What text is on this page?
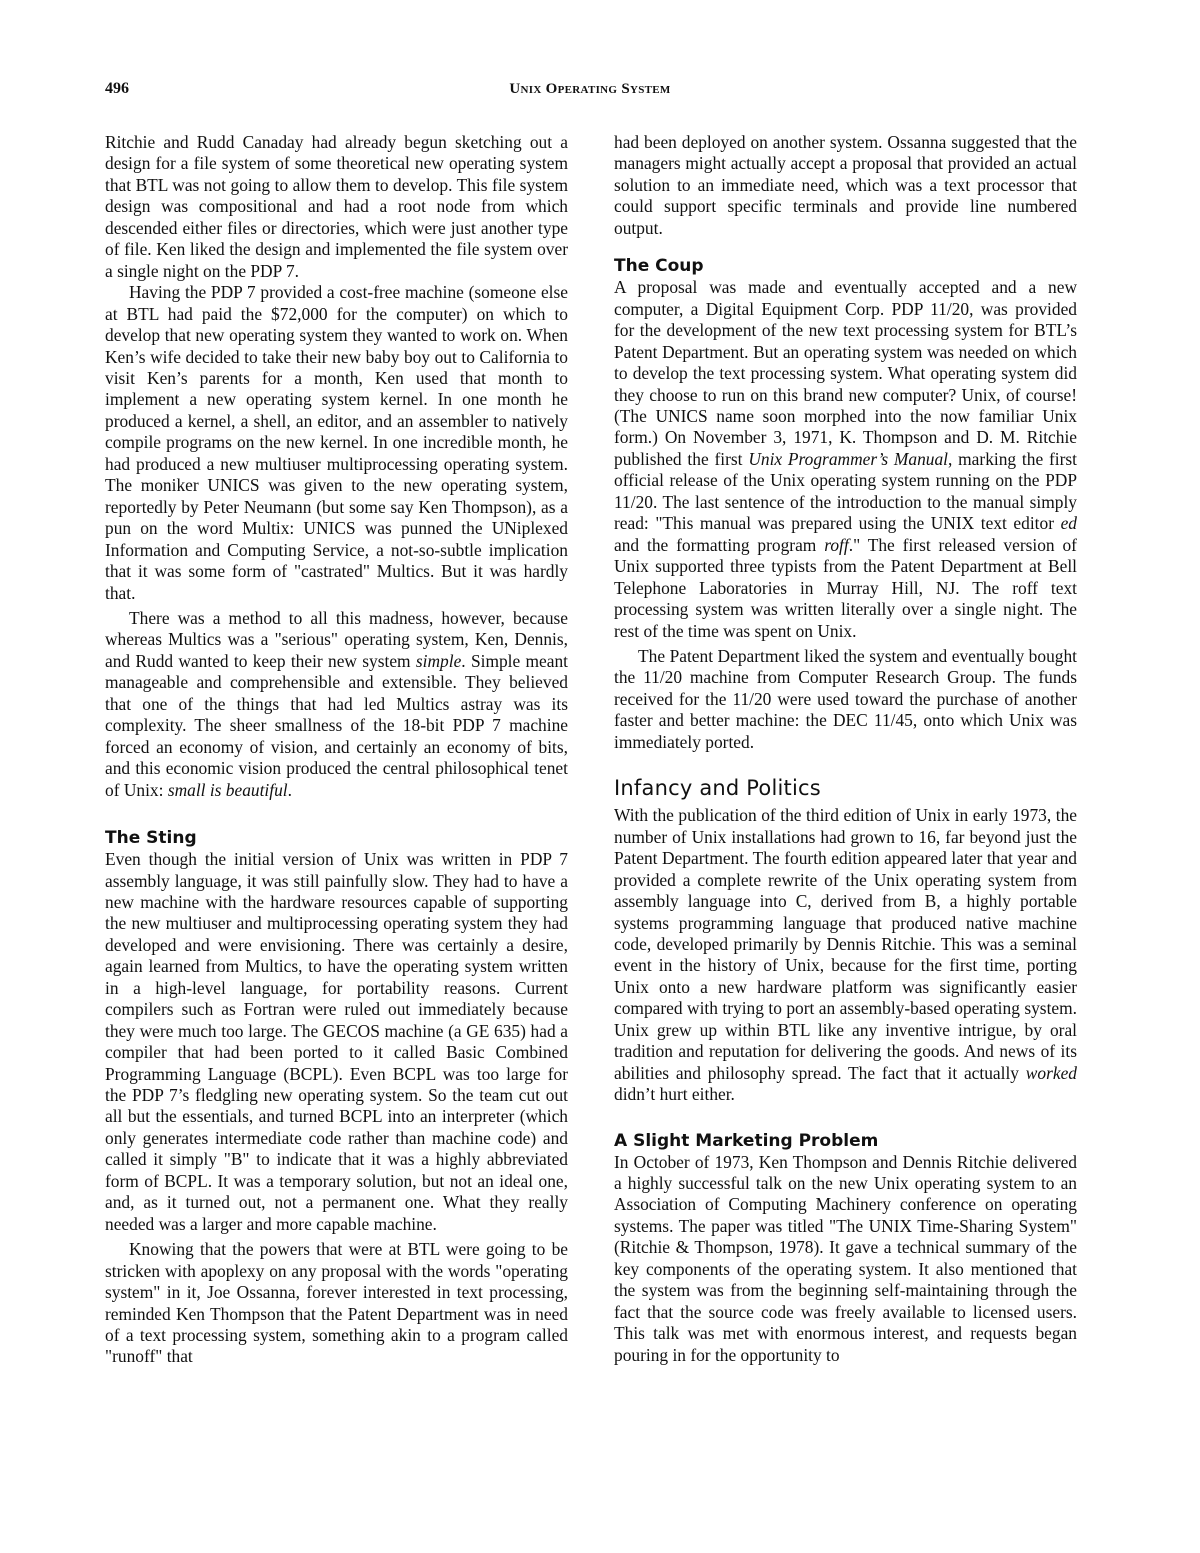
496	Unix Operating System

Ritchie and Rudd Canaday had already begun sketching out a design for a file system of some theoretical new operating system that BTL was not going to allow them to develop. This file system design was compositional and had a root node from which descended either files or directories, which were just another type of file. Ken liked the design and implemented the file system over a single night on the PDP 7.

Having the PDP 7 provided a cost-free machine (someone else at BTL had paid the $72,000 for the computer) on which to develop that new operating system they wanted to work on. When Ken’s wife decided to take their new baby boy out to California to visit Ken’s parents for a month, Ken used that month to implement a new operating system kernel. In one month he produced a kernel, a shell, an editor, and an assembler to natively compile programs on the new kernel. In one incredible month, he had produced a new multiuser multiprocessing operating system. The moniker UNICS was given to the new operating system, reportedly by Peter Neumann (but some say Ken Thompson), as a pun on the word Multix: UNICS was punned the UNiplexed Information and Computing Service, a not-so-subtle implication that it was some form of "castrated" Multics. But it was hardly that.

There was a method to all this madness, however, because whereas Multics was a "serious" operating system, Ken, Dennis, and Rudd wanted to keep their new system simple. Simple meant manageable and comprehensible and extensible. They believed that one of the things that had led Multics astray was its complexity. The sheer smallness of the 18-bit PDP 7 machine forced an economy of vision, and certainly an economy of bits, and this economic vision produced the central philosophical tenet of Unix: small is beautiful.

The Sting

Even though the initial version of Unix was written in PDP 7 assembly language, it was still painfully slow. They had to have a new machine with the hardware resources capable of supporting the new multiuser and multiprocessing operating system they had developed and were envisioning. There was certainly a desire, again learned from Multics, to have the operating system written in a high-level language, for portability reasons. Current compilers such as Fortran were ruled out immediately because they were much too large. The GECOS machine (a GE 635) had a compiler that had been ported to it called Basic Combined Programming Language (BCPL). Even BCPL was too large for the PDP 7’s fledgling new operating system. So the team cut out all but the essentials, and turned BCPL into an interpreter (which only generates intermediate code rather than machine code) and called it simply "B" to indicate that it was a highly abbreviated form of BCPL. It was a temporary solution, but not an ideal one, and, as it turned out, not a permanent one. What they really needed was a larger and more capable machine.

Knowing that the powers that were at BTL were going to be stricken with apoplexy on any proposal with the words "operating system" in it, Joe Ossanna, forever interested in text processing, reminded Ken Thompson that the Patent Department was in need of a text processing system, something akin to a program called "runoff" that

had been deployed on another system. Ossanna suggested that the managers might actually accept a proposal that provided an actual solution to an immediate need, which was a text processor that could support specific terminals and provide line numbered output.

The Coup

A proposal was made and eventually accepted and a new computer, a Digital Equipment Corp. PDP 11/20, was provided for the development of the new text processing system for BTL’s Patent Department. But an operating system was needed on which to develop the text processing system. What operating system did they choose to run on this brand new computer? Unix, of course! (The UNICS name soon morphed into the now familiar Unix form.) On November 3, 1971, K. Thompson and D. M. Ritchie published the first Unix Programmer’s Manual, marking the first official release of the Unix operating system running on the PDP 11/20. The last sentence of the introduction to the manual simply read: "This manual was prepared using the UNIX text editor ed and the formatting program roff." The first released version of Unix supported three typists from the Patent Department at Bell Telephone Laboratories in Murray Hill, NJ. The roff text processing system was written literally over a single night. The rest of the time was spent on Unix.

The Patent Department liked the system and eventually bought the 11/20 machine from Computer Research Group. The funds received for the 11/20 were used toward the purchase of another faster and better machine: the DEC 11/45, onto which Unix was immediately ported.

Infancy and Politics

With the publication of the third edition of Unix in early 1973, the number of Unix installations had grown to 16, far beyond just the Patent Department. The fourth edition appeared later that year and provided a complete rewrite of the Unix operating system from assembly language into C, derived from B, a highly portable systems programming language that produced native machine code, developed primarily by Dennis Ritchie. This was a seminal event in the history of Unix, because for the first time, porting Unix onto a new hardware platform was significantly easier compared with trying to port an assembly-based operating system. Unix grew up within BTL like any inventive intrigue, by oral tradition and reputation for delivering the goods. And news of its abilities and philosophy spread. The fact that it actually worked didn’t hurt either.

A Slight Marketing Problem

In October of 1973, Ken Thompson and Dennis Ritchie delivered a highly successful talk on the new Unix operating system to an Association of Computing Machinery conference on operating systems. The paper was titled "The UNIX Time-Sharing System" (Ritchie & Thompson, 1978). It gave a technical summary of the key components of the operating system. It also mentioned that the system was from the beginning self-maintaining through the fact that the source code was freely available to licensed users. This talk was met with enormous interest, and requests began pouring in for the opportunity to
